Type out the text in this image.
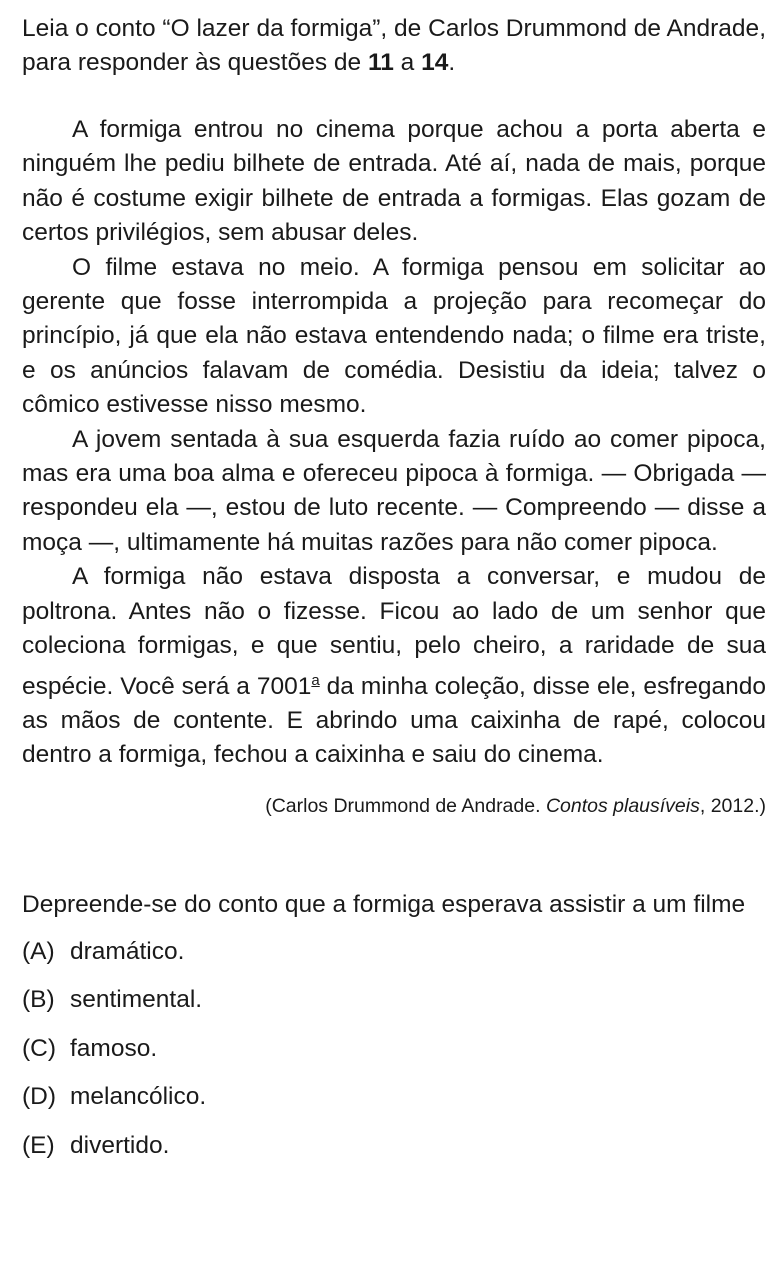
Leia o conto “O lazer da formiga”, de Carlos Drummond de Andrade, para responder às questões de 11 a 14.

A formiga entrou no cinema porque achou a porta aberta e ninguém lhe pediu bilhete de entrada. Até aí, nada de mais, porque não é costume exigir bilhete de entrada a formigas. Elas gozam de certos privilégios, sem abusar deles.

O filme estava no meio. A formiga pensou em solicitar ao gerente que fosse interrompida a projeção para recomeçar do princípio, já que ela não estava entendendo nada; o filme era triste, e os anúncios falavam de comédia. Desistiu da ideia; talvez o cômico estivesse nisso mesmo.

A jovem sentada à sua esquerda fazia ruído ao comer pipoca, mas era uma boa alma e ofereceu pipoca à formiga. — Obrigada — respondeu ela —, estou de luto recente. — Compreendo — disse a moça —, ultimamente há muitas razões para não comer pipoca.

A formiga não estava disposta a conversar, e mudou de poltrona. Antes não o fizesse. Ficou ao lado de um senhor que coleciona formigas, e que sentiu, pelo cheiro, a raridade de sua espécie. Você será a 7001$^a$ da minha coleção, disse ele, esfregando as mãos de contente. E abrindo uma caixinha de rapé, colocou dentro a formiga, fechou a caixinha e saiu do cinema.

(Carlos Drummond de Andrade. Contos plausíveis, 2012.)

Depreende-se do conto que a formiga esperava assistir a um filme
(A) dramático.
(B) sentimental.
(C) famoso.
(D) melancólico.
(E) divertido.
